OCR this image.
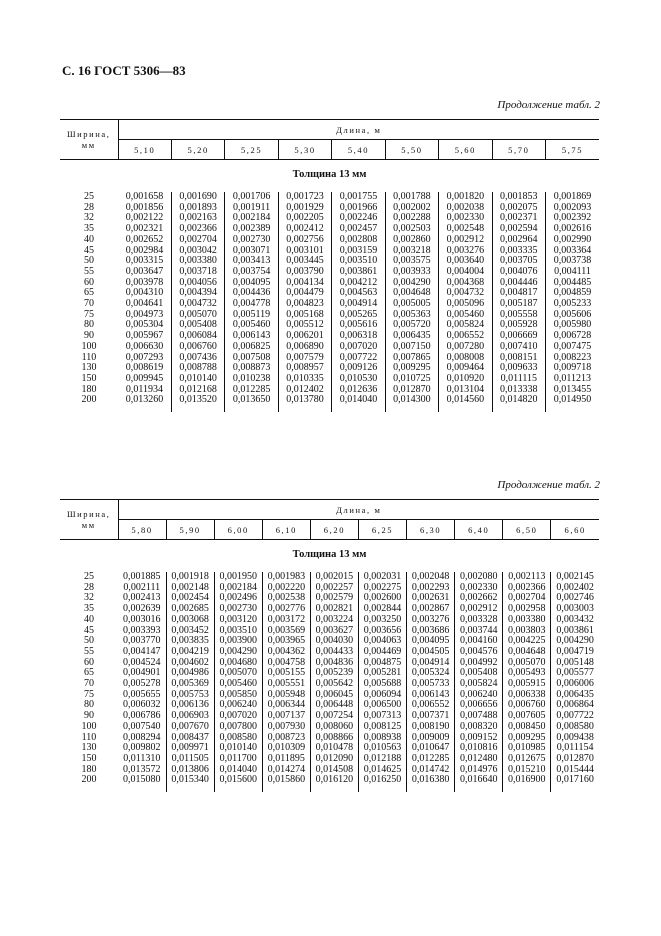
С. 16 ГОСТ 5306—83
Продолжение табл. 2
Ширина, мм	Длина, м								
	5,10	5,20	5,25	5,30	5,40	5,50	5,60	5,70	5,75
Толщина 13 мм									
25	0,001658	0,001690	0,001706	0,001723	0,001755	0,001788	0,001820	0,001853	0,001869
28	0,001856	0,001893	0,001911	0,001929	0,001966	0,002002	0,002038	0,002075	0,002093
32	0,002122	0,002163	0,002184	0,002205	0,002246	0,002288	0,002330	0,002371	0,002392
35	0,002321	0,002366	0,002389	0,002412	0,002457	0,002503	0,002548	0,002594	0,002616
40	0,002652	0,002704	0,002730	0,002756	0,002808	0,002860	0,002912	0,002964	0,002990
45	0,002984	0,003042	0,003071	0,003101	0,003159	0,003218	0,003276	0,003335	0,003364
50	0,003315	0,003380	0,003413	0,003445	0,003510	0,003575	0,003640	0,003705	0,003738
55	0,003647	0,003718	0,003754	0,003790	0,003861	0,003933	0,004004	0,004076	0,004111
60	0,003978	0,004056	0,004095	0,004134	0,004212	0,004290	0,004368	0,004446	0,004485
65	0,004310	0,004394	0,004436	0,004479	0,004563	0,004648	0,004732	0,004817	0,004859
70	0,004641	0,004732	0,004778	0,004823	0,004914	0,005005	0,005096	0,005187	0,005233
75	0,004973	0,005070	0,005119	0,005168	0,005265	0,005363	0,005460	0,005558	0,005606
80	0,005304	0,005408	0,005460	0,005512	0,005616	0,005720	0,005824	0,005928	0,005980
90	0,005967	0,006084	0,006143	0,006201	0,006318	0,006435	0,006552	0,006669	0,006728
100	0,006630	0,006760	0,006825	0,006890	0,007020	0,007150	0,007280	0,007410	0,007475
110	0,007293	0,007436	0,007508	0,007579	0,007722	0,007865	0,008008	0,008151	0,008223
130	0,008619	0,008788	0,008873	0,008957	0,009126	0,009295	0,009464	0,009633	0,009718
150	0,009945	0,010140	0,010238	0,010335	0,010530	0,010725	0,010920	0,011115	0,011213
180	0,011934	0,012168	0,012285	0,012402	0,012636	0,012870	0,013104	0,013338	0,013455
200	0,013260	0,013520	0,013650	0,013780	0,014040	0,014300	0,014560	0,014820	0,014950
Продолжение табл. 2
Ширина, мм	Длина, м									
	5,80	5,90	6,00	6,10	6,20	6,25	6,30	6,40	6,50	6,60
Толщина 13 мм										
25	0,001885	0,001918	0,001950	0,001983	0,002015	0,002031	0,002048	0,002080	0,002113	0,002145
28	0,002111	0,002148	0,002184	0,002220	0,002257	0,002275	0,002293	0,002330	0,002366	0,002402
32	0,002413	0,002454	0,002496	0,002538	0,002579	0,002600	0,002631	0,002662	0,002704	0,002746
35	0,002639	0,002685	0,002730	0,002776	0,002821	0,002844	0,002867	0,002912	0,002958	0,003003
40	0,003016	0,003068	0,003120	0,003172	0,003224	0,003250	0,003276	0,003328	0,003380	0,003432
45	0,003393	0,003452	0,003510	0,003569	0,003627	0,003656	0,003686	0,003744	0,003803	0,003861
50	0,003770	0,003835	0,003900	0,003965	0,004030	0,004063	0,004095	0,004160	0,004225	0,004290
55	0,004147	0,004219	0,004290	0,004362	0,004433	0,004469	0,004505	0,004576	0,004648	0,004719
60	0,004524	0,004602	0,004680	0,004758	0,004836	0,004875	0,004914	0,004992	0,005070	0,005148
65	0,004901	0,004986	0,005070	0,005155	0,005239	0,005281	0,005324	0,005408	0,005493	0,005577
70	0,005278	0,005369	0,005460	0,005551	0,005642	0,005688	0,005733	0,005824	0,005915	0,006006
75	0,005655	0,005753	0,005850	0,005948	0,006045	0,006094	0,006143	0,006240	0,006338	0,006435
80	0,006032	0,006136	0,006240	0,006344	0,006448	0,006500	0,006552	0,006656	0,006760	0,006864
90	0,006786	0,006903	0,007020	0,007137	0,007254	0,007313	0,007371	0,007488	0,007605	0,007722
100	0,007540	0,007670	0,007800	0,007930	0,008060	0,008125	0,008190	0,008320	0,008450	0,008580
110	0,008294	0,008437	0,008580	0,008723	0,008866	0,008938	0,009009	0,009152	0,009295	0,009438
130	0,009802	0,009971	0,010140	0,010309	0,010478	0,010563	0,010647	0,010816	0,010985	0,011154
150	0,011310	0,011505	0,011700	0,011895	0,012090	0,012188	0,012285	0,012480	0,012675	0,012870
180	0,013572	0,013806	0,014040	0,014274	0,014508	0,014625	0,014742	0,014976	0,015210	0,015444
200	0,015080	0,015340	0,015600	0,015860	0,016120	0,016250	0,016380	0,016640	0,016900	0,017160
